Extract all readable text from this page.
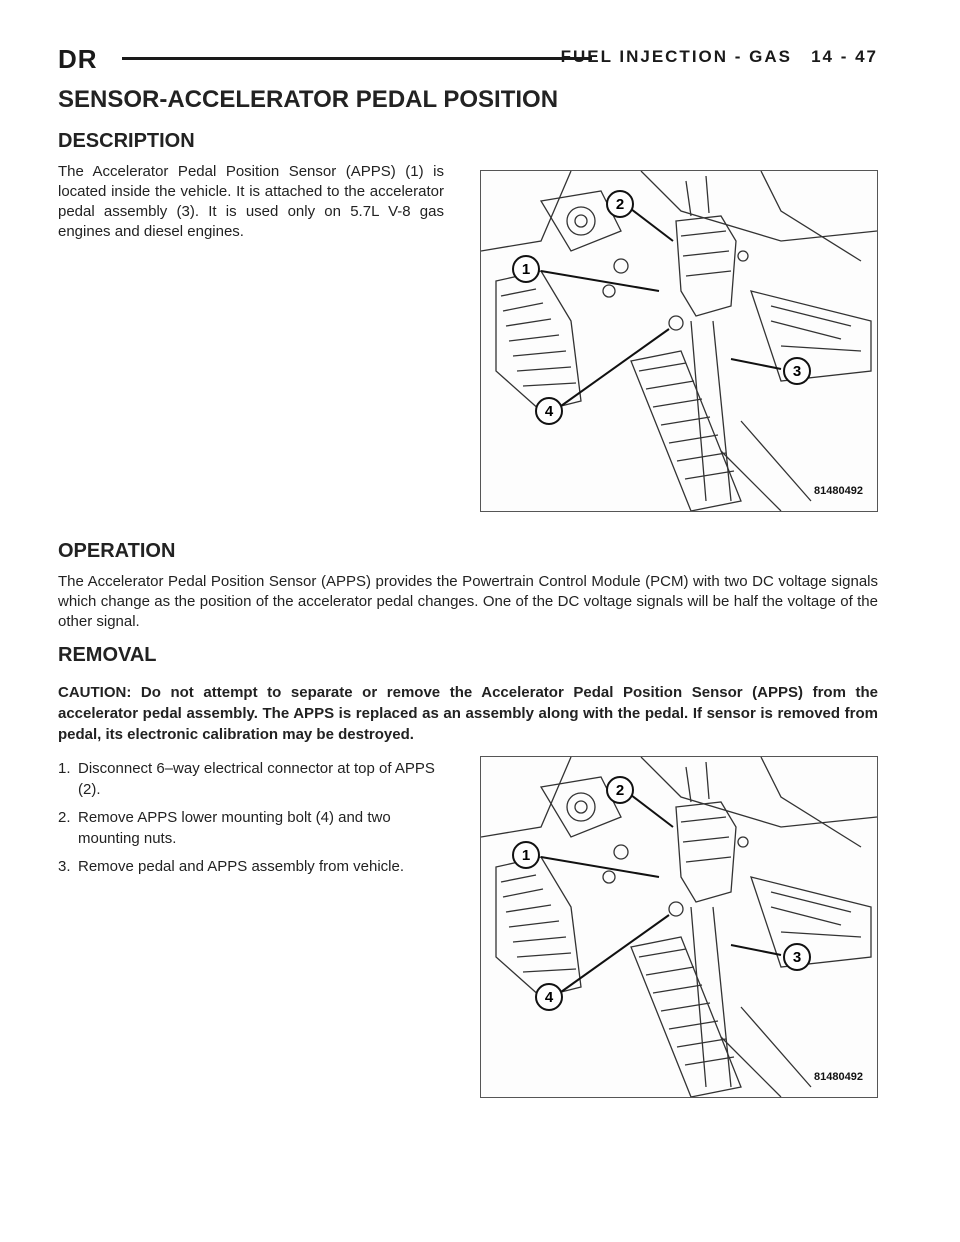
DR	FUEL INJECTION - GAS 14 - 47
SENSOR-ACCELERATOR PEDAL POSITION
DESCRIPTION

The Accelerator Pedal Position Sensor (APPS) (1) is located inside the vehicle. It is attached to the accelerator pedal assembly (3). It is used only on 5.7L V-8 gas engines and diesel engines.

1
2
3
4
81480492
OPERATION

The Accelerator Pedal Position Sensor (APPS) provides the Powertrain Control Module (PCM) with two DC voltage signals which change as the position of the accelerator pedal changes. One of the DC voltage signals will be half the voltage of the other signal.

REMOVAL

CAUTION: Do not attempt to separate or remove the Accelerator Pedal Position Sensor (APPS) from the accelerator pedal assembly. The APPS is replaced as an assembly along with the pedal. If sensor is removed from pedal, its electronic calibration may be destroyed.

1. Disconnect 6–way electrical connector at top of APPS (2).
2. Remove APPS lower mounting bolt (4) and two mounting nuts.
3. Remove pedal and APPS assembly from vehicle.
1
2
3
4
81480492
